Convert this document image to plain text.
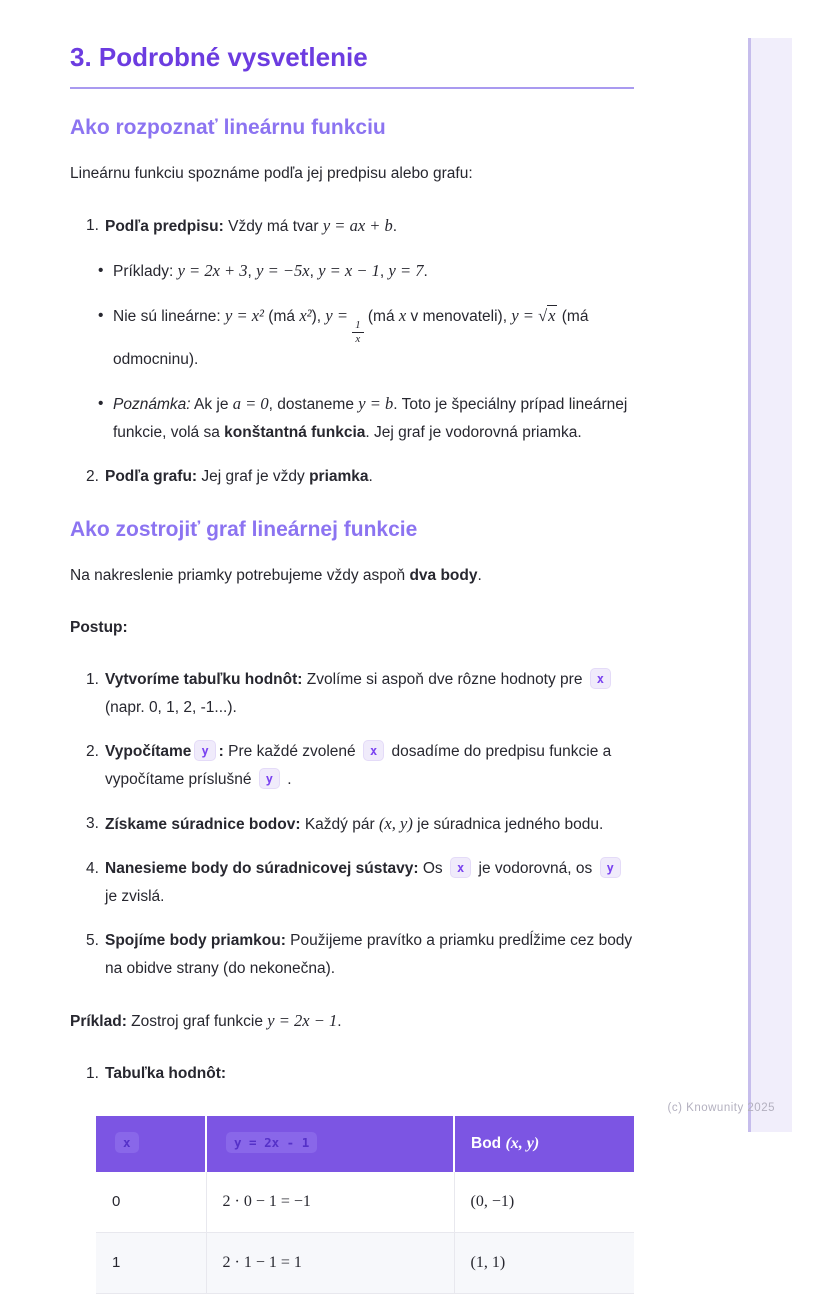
(c) Knowunity 2025
3. Podrobné vysvetlenie
Ako rozpoznať lineárnu funkciu

Lineárnu funkciu spoznáme podľa jej predpisu alebo grafu:

1. Podľa predpisu: Vždy má tvar y = ax + b.
• Príklady: y = 2x + 3, y = −5x, y = x − 1, y = 7.
• Nie sú lineárne: y = x² (má x²), y =
$\frac{1}{x}$
(má x v menovateli), y = √x (má odmocninu).
• Poznámka: Ak je a = 0, dostaneme y = b. Toto je špeciálny prípad lineárnej funkcie, volá sa konštantná funkcia. Jej graf je vodorovná priamka.
2. Podľa grafu: Jej graf je vždy priamka.
Ako zostrojiť graf lineárnej funkcie

Na nakreslenie priamky potrebujeme vždy aspoň dva body.

Postup:

1. Vytvoríme tabuľku hodnôt: Zvolíme si aspoň dve rôzne hodnoty pre x (napr. 0, 1, 2, -1...).
2. Vypočítame y : Pre každé zvolené x dosadíme do predpisu funkcie a vypočítame príslušné y .
3. Získame súradnice bodov: Každý pár (x, y) je súradnica jedného bodu.
4. Nanesieme body do súradnicovej sústavy: Os x je vodorovná, os y je zvislá.
5. Spojíme body priamkou: Použijeme pravítko a priamku predĺžime cez body na obidve strany (do nekonečna).

Príklad: Zostroj graf funkcie y = 2x − 1.

1. Tabuľka hodnôt:
x	y = 2x - 1	Bod (x, y)
0	2 · 0 − 1 = −1	(0, −1)
1	2 · 1 − 1 = 1	(1, 1)
